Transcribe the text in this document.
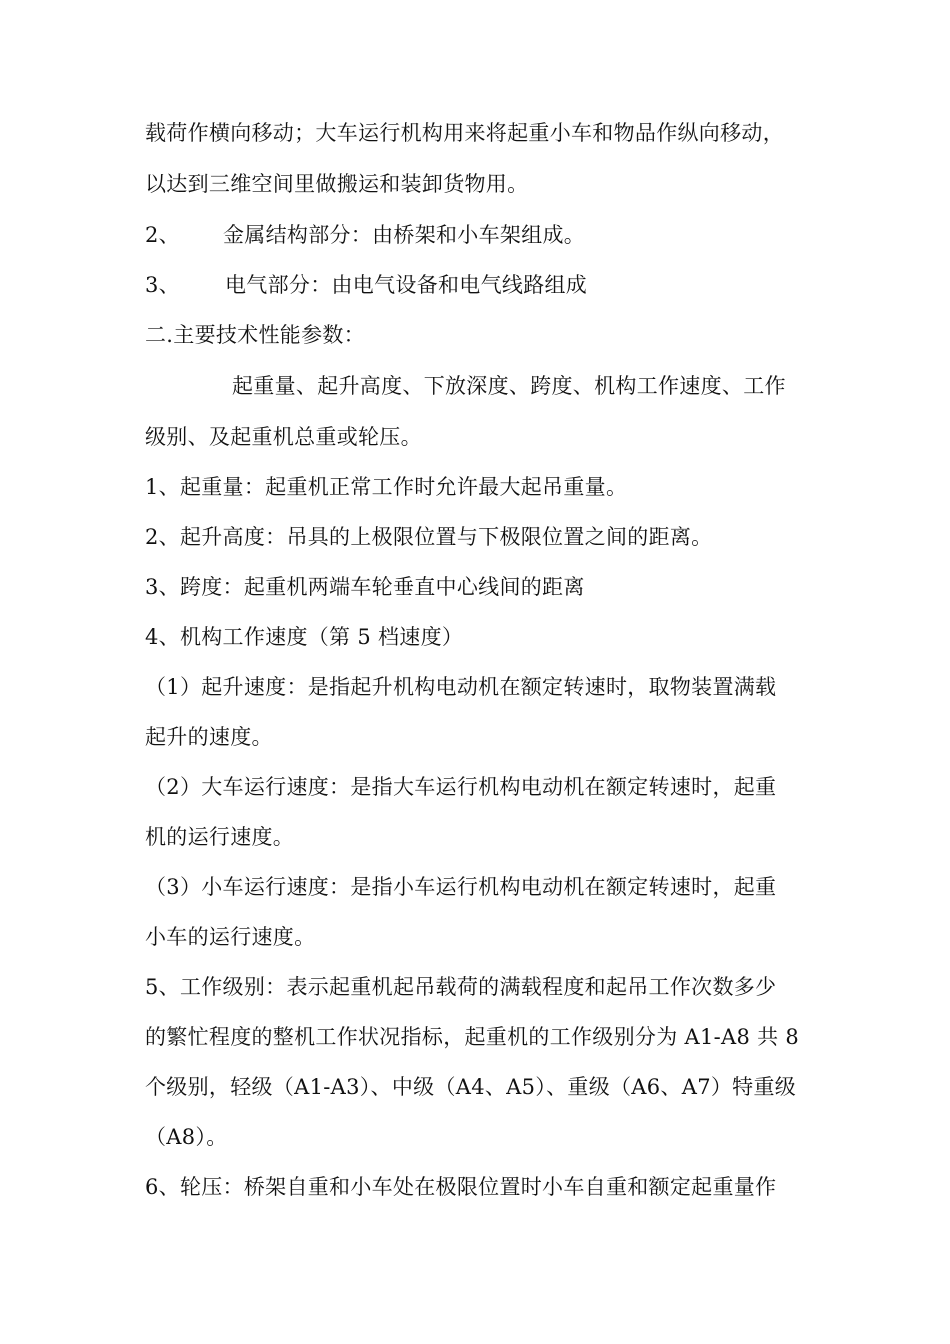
载荷作横向移动；大车运行机构用来将起重小车和物品作纵向移动，
以达到三维空间里做搬运和装卸货物用。
2、 金属结构部分：由桥架和小车架组成。
3、 电气部分：由电气设备和电气线路组成
二.主要技术性能参数：
起重量、起升高度、下放深度、跨度、机构工作速度、工作
级别、及起重机总重或轮压。
1、起重量：起重机正常工作时允许最大起吊重量。
2、起升高度：吊具的上极限位置与下极限位置之间的距离。
3、跨度：起重机两端车轮垂直中心线间的距离
4、机构工作速度（第 5 档速度）
（1）起升速度：是指起升机构电动机在额定转速时，取物装置满载
起升的速度。
（2）大车运行速度：是指大车运行机构电动机在额定转速时，起重
机的运行速度。
（3）小车运行速度：是指小车运行机构电动机在额定转速时，起重
小车的运行速度。
5、工作级别：表示起重机起吊载荷的满载程度和起吊工作次数多少
的繁忙程度的整机工作状况指标，起重机的工作级别分为 A1-A8 共 8
个级别，轻级（A1-A3）、中级（A4、A5）、重级（A6、A7）特重级
（A8）。
6、轮压：桥架自重和小车处在极限位置时小车自重和额定起重量作
